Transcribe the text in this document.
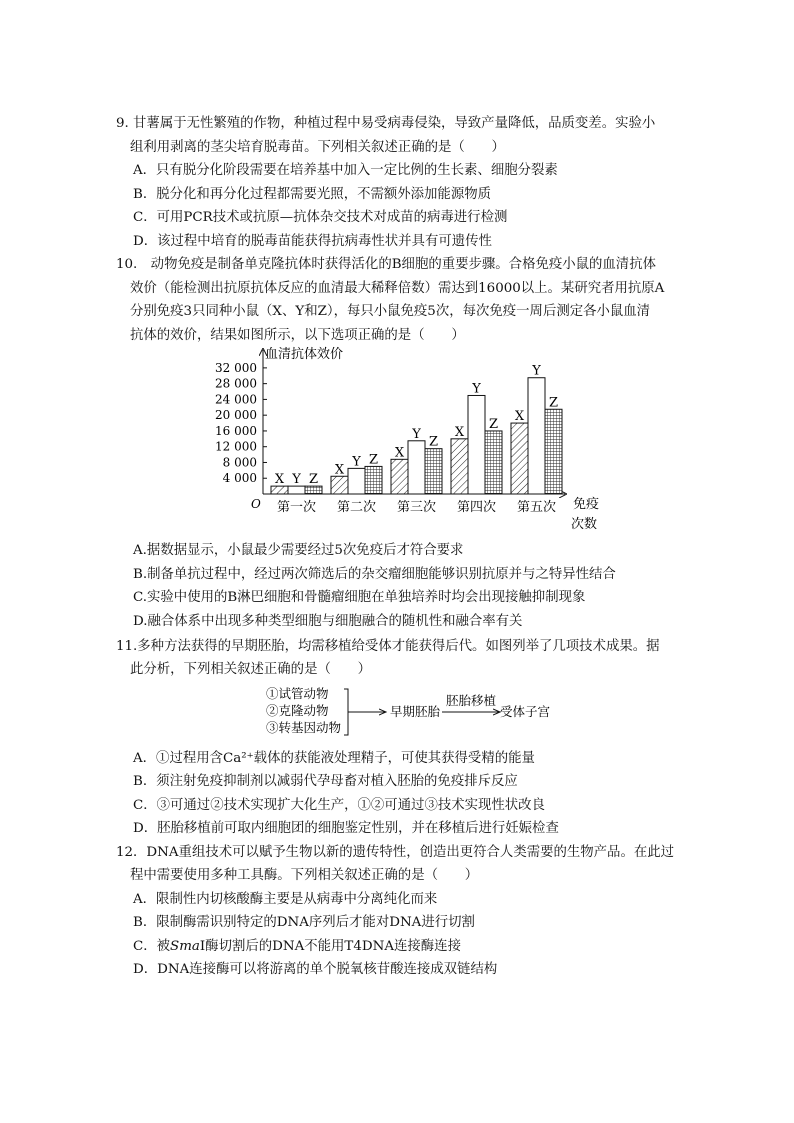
9. 甘薯属于无性繁殖的作物，种植过程中易受病毒侵染，导致产量降低，品质变差。实验小
组利用剥离的茎尖培育脱毒苗。下列相关叙述正确的是（　　）
A．只有脱分化阶段需要在培养基中加入一定比例的生长素、细胞分裂素
B．脱分化和再分化过程都需要光照，不需额外添加能源物质
C．可用PCR技术或抗原—抗体杂交技术对成苗的病毒进行检测
D．该过程中培育的脱毒苗能获得抗病毒性状并具有可遗传性
10.　动物免疫是制备单克隆抗体时获得活化的B细胞的重要步骤。合格免疫小鼠的血清抗体
效价（能检测出抗原抗体反应的血清最大稀释倍数）需达到16000以上。某研究者用抗原A
分别免疫3只同种小鼠（X、Y和Z），每只小鼠免疫5次，每次免疫一周后测定各小鼠血清
抗体的效价，结果如图所示，以下选项正确的是（　　）
血清抗体效价
O
4 000
8 000
12 000
16 000
20 000
24 000
28 000
32 000
免疫
次数
X Y Z
第一次
X
Y Z
第二次
X
Y
Z
第三次
X
Y
Z
第四次
X
Y
Z
第五次
A.据数据显示，小鼠最少需要经过5次免疫后才符合要求
B.制备单抗过程中，经过两次筛选后的杂交瘤细胞能够识别抗原并与之特异性结合
C.实验中使用的B淋巴细胞和骨髓瘤细胞在单独培养时均会出现接触抑制现象
D.融合体系中出现多种类型细胞与细胞融合的随机性和融合率有关
11.多种方法获得的早期胚胎，均需移植给受体才能获得后代。如图列举了几项技术成果。据
此分析，下列相关叙述正确的是（　　）
①试管动物
②克隆动物
③转基因动物
早期胚胎
胚胎移植
受体子宫
A．①过程用含Ca²⁺载体的获能液处理精子，可使其获得受精的能量
B．须注射免疫抑制剂以减弱代孕母畜对植入胚胎的免疫排斥反应
C．③可通过②技术实现扩大化生产，①②可通过③技术实现性状改良
D．胚胎移植前可取内细胞团的细胞鉴定性别，并在移植后进行妊娠检查
12．DNA重组技术可以赋予生物以新的遗传特性，创造出更符合人类需要的生物产品。在此过
程中需要使用多种工具酶。下列相关叙述正确的是（　　）
A．限制性内切核酸酶主要是从病毒中分离纯化而来
B．限制酶需识别特定的DNA序列后才能对DNA进行切割
C．被SmaⅠ酶切割后的DNA不能用T4DNA连接酶连接
D．DNA连接酶可以将游离的单个脱氧核苷酸连接成双链结构
